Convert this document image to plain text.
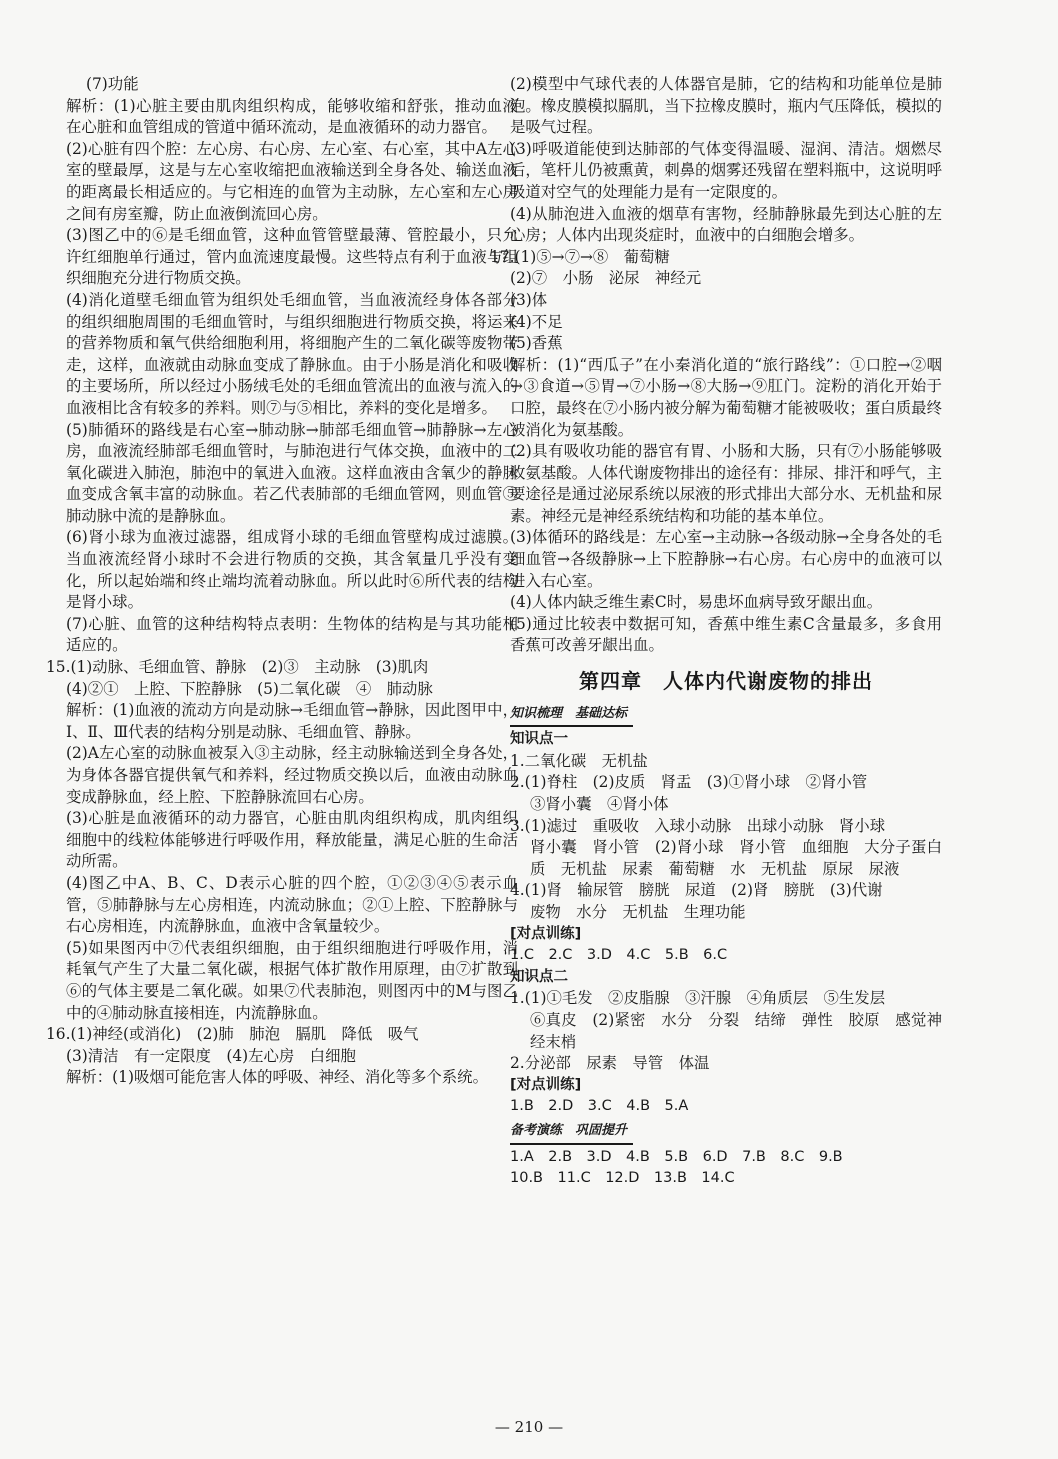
(7)功能

解析：(1)心脏主要由肌肉组织构成，能够收缩和舒张，推动血液在心脏和血管组成的管道中循环流动，是血液循环的动力器官。

(2)心脏有四个腔：左心房、右心房、左心室、右心室，其中A左心室的壁最厚，这是与左心室收缩把血液输送到全身各处、输送血液的距离最长相适应的。与它相连的血管为主动脉，左心室和左心房之间有房室瓣，防止血液倒流回心房。

(3)图乙中的⑥是毛细血管，这种血管管壁最薄、管腔最小，只允许红细胞单行通过，管内血流速度最慢。这些特点有利于血液与组织细胞充分进行物质交换。

(4)消化道壁毛细血管为组织处毛细血管，当血液流经身体各部分的组织细胞周围的毛细血管时，与组织细胞进行物质交换，将运来的营养物质和氧气供给细胞利用，将细胞产生的二氧化碳等废物带走，这样，血液就由动脉血变成了静脉血。由于小肠是消化和吸收的主要场所，所以经过小肠绒毛处的毛细血管流出的血液与流入的血液相比含有较多的养料。则⑦与⑤相比，养料的变化是增多。

(5)肺循环的路线是右心室→肺动脉→肺部毛细血管→肺静脉→左心房，血液流经肺部毛细血管时，与肺泡进行气体交换，血液中的二氧化碳进入肺泡，肺泡中的氧进入血液。这样血液由含氧少的静脉血变成含氧丰富的动脉血。若乙代表肺部的毛细血管网，则血管⑤肺动脉中流的是静脉血。

(6)肾小球为血液过滤器，组成肾小球的毛细血管壁构成过滤膜。当血液流经肾小球时不会进行物质的交换，其含氧量几乎没有变化，所以起始端和终止端均流着动脉血。所以此时⑥所代表的结构是肾小球。

(7)心脏、血管的这种结构特点表明：生物体的结构是与其功能相适应的。

15.(1)动脉、毛细血管、静脉　(2)③　主动脉　(3)肌肉

(4)②①　上腔、下腔静脉　(5)二氧化碳　④　肺动脉

解析：(1)血液的流动方向是动脉→毛细血管→静脉，因此图甲中，Ⅰ、Ⅱ、Ⅲ代表的结构分别是动脉、毛细血管、静脉。

(2)A左心室的动脉血被泵入③主动脉，经主动脉输送到全身各处，为身体各器官提供氧气和养料，经过物质交换以后，血液由动脉血变成静脉血，经上腔、下腔静脉流回右心房。

(3)心脏是血液循环的动力器官，心脏由肌肉组织构成，肌肉组织细胞中的线粒体能够进行呼吸作用，释放能量，满足心脏的生命活动所需。

(4)图乙中A、B、C、D表示心脏的四个腔，①②③④⑤表示血管，⑤肺静脉与左心房相连，内流动脉血；②①上腔、下腔静脉与右心房相连，内流静脉血，血液中含氧量较少。

(5)如果图丙中⑦代表组织细胞，由于组织细胞进行呼吸作用，消耗氧气产生了大量二氧化碳，根据气体扩散作用原理，由⑦扩散到⑥的气体主要是二氧化碳。如果⑦代表肺泡，则图丙中的M与图乙中的④肺动脉直接相连，内流静脉血。

16.(1)神经(或消化)　(2)肺　肺泡　膈肌　降低　吸气

(3)清洁　有一定限度　(4)左心房　白细胞

解析：(1)吸烟可能危害人体的呼吸、神经、消化等多个系统。

(2)模型中气球代表的人体器官是肺，它的结构和功能单位是肺泡。橡皮膜模拟膈肌，当下拉橡皮膜时，瓶内气压降低，模拟的是吸气过程。

(3)呼吸道能使到达肺部的气体变得温暖、湿润、清洁。烟燃尽后，笔杆儿仍被熏黄，刺鼻的烟雾还残留在塑料瓶中，这说明呼吸道对空气的处理能力是有一定限度的。

(4)从肺泡进入血液的烟草有害物，经肺静脉最先到达心脏的左心房；人体内出现炎症时，血液中的白细胞会增多。

17.(1)⑤→⑦→⑧　葡萄糖

(2)⑦　小肠　泌尿　神经元

(3)体

(4)不足

(5)香蕉

解析：(1)“西瓜子”在小秦消化道的“旅行路线”：①口腔→②咽→③食道→⑤胃→⑦小肠→⑧大肠→⑨肛门。淀粉的消化开始于口腔，最终在⑦小肠内被分解为葡萄糖才能被吸收；蛋白质最终被消化为氨基酸。

(2)具有吸收功能的器官有胃、小肠和大肠，只有⑦小肠能够吸收氨基酸。人体代谢废物排出的途径有：排尿、排汗和呼气，主要途径是通过泌尿系统以尿液的形式排出大部分水、无机盐和尿素。神经元是神经系统结构和功能的基本单位。

(3)体循环的路线是：左心室→主动脉→各级动脉→全身各处的毛细血管→各级静脉→上下腔静脉→右心房。右心房中的血液可以进入右心室。

(4)人体内缺乏维生素C时，易患坏血病导致牙龈出血。

(5)通过比较表中数据可知，香蕉中维生素C含量最多，多食用香蕉可改善牙龈出血。

第四章　人体内代谢废物的排出
知识梳理　基础达标

知识点一

1.二氧化碳　无机盐

2.(1)脊柱　(2)皮质　肾盂　(3)①肾小球　②肾小管

③肾小囊　④肾小体

3.(1)滤过　重吸收　入球小动脉　出球小动脉　肾小球

肾小囊　肾小管　(2)肾小球　肾小管　血细胞　大分子蛋白质　无机盐　尿素　葡萄糖　水　无机盐　原尿　尿液

4.(1)肾　输尿管　膀胱　尿道　(2)肾　膀胱　(3)代谢

废物　水分　无机盐　生理功能

[对点训练]

1.C　2.C　3.D　4.C　5.B　6.C

知识点二

1.(1)①毛发　②皮脂腺　③汗腺　④角质层　⑤生发层

⑥真皮　(2)紧密　水分　分裂　结缔　弹性　胶原　感觉神经末梢

2.分泌部　尿素　导管　体温

[对点训练]

1.B　2.D　3.C　4.B　5.A

备考演练　巩固提升

1.A　2.B　3.D　4.B　5.B　6.D　7.B　8.C　9.B

10.B　11.C　12.D　13.B　14.C

— 210 —
